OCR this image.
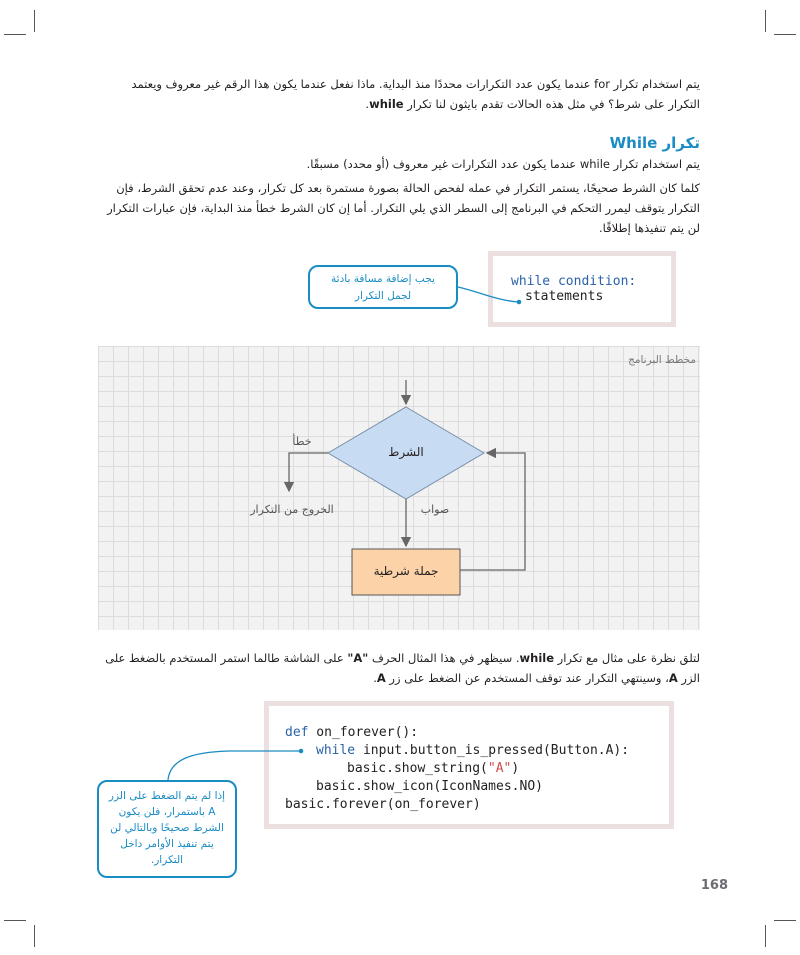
يتم استخدام تكرار for عندما يكون عدد التكرارات محددًا منذ البداية. ماذا نفعل عندما يكون هذا الرقم غير معروف ويعتمد التكرار على شرط؟ في مثل هذه الحالات تقدم بايثون لنا تكرار while.

تكرار While

يتم استخدام تكرار while عندما يكون عدد التكرارات غير معروف (أو محدد) مسبقًا.

كلما كان الشرط صحيحًا، يستمر التكرار في عمله لفحص الحالة بصورة مستمرة بعد كل تكرار، وعند عدم تحقق الشرط، فإن التكرار يتوقف ليمرر التحكم في البرنامج إلى السطر الذي يلي التكرار. أما إن كان الشرط خطأ منذ البداية، فإن عبارات التكرار لن يتم تنفيذها إطلاقًا.

while condition:
statements
يجب إضافة مسافة بادئة لجمل التكرار
مخطط البرنامج
الشرط
جملة شرطية
خطأ
صواب
الخروج من التكرار

لتلق نظرة على مثال مع تكرار while. سيظهر في هذا المثال الحرف "A" على الشاشة طالما استمر المستخدم بالضغط على الزر A، وسينتهي التكرار عند توقف المستخدم عن الضغط على زر A.

def on_forever():
while input.button_is_pressed(Button.A):
basic.show_string("A")
basic.show_icon(IconNames.NO)
basic.forever(on_forever)
إذا لم يتم الضغط على الزر A باستمرار، فلن يكون الشرط صحيحًا وبالتالي لن يتم تنفيذ الأوامر داخل التكرار.
168
